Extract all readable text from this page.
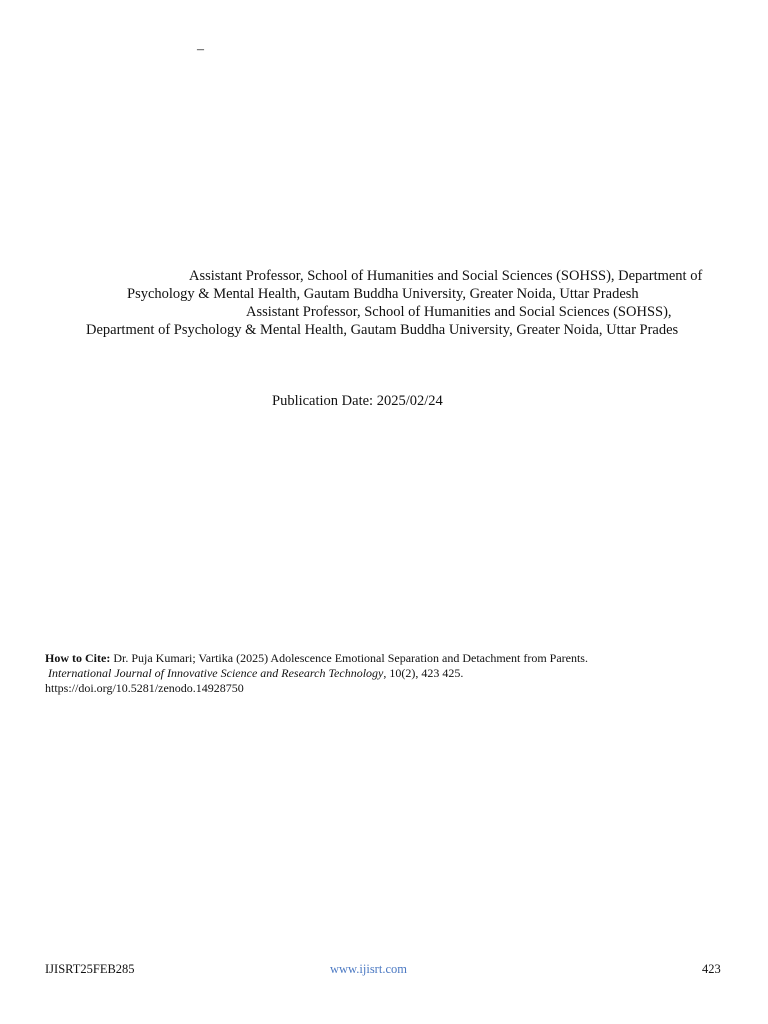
–
Assistant Professor, School of Humanities and Social Sciences (SOHSS), Department of
Psychology & Mental Health, Gautam Buddha University, Greater Noida, Uttar Pradesh
Assistant Professor, School of Humanities and Social Sciences (SOHSS),
Department of Psychology & Mental Health, Gautam Buddha University, Greater Noida, Uttar Prades
Publication Date: 2025/02/24
How to Cite: Dr. Puja Kumari; Vartika (2025) Adolescence Emotional Separation and Detachment from Parents.
International Journal of Innovative Science and Research Technology, 10(2), 423 425.
https://doi.org/10.5281/zenodo.14928750
IJISRT25FEB285	www.ijisrt.com	423
